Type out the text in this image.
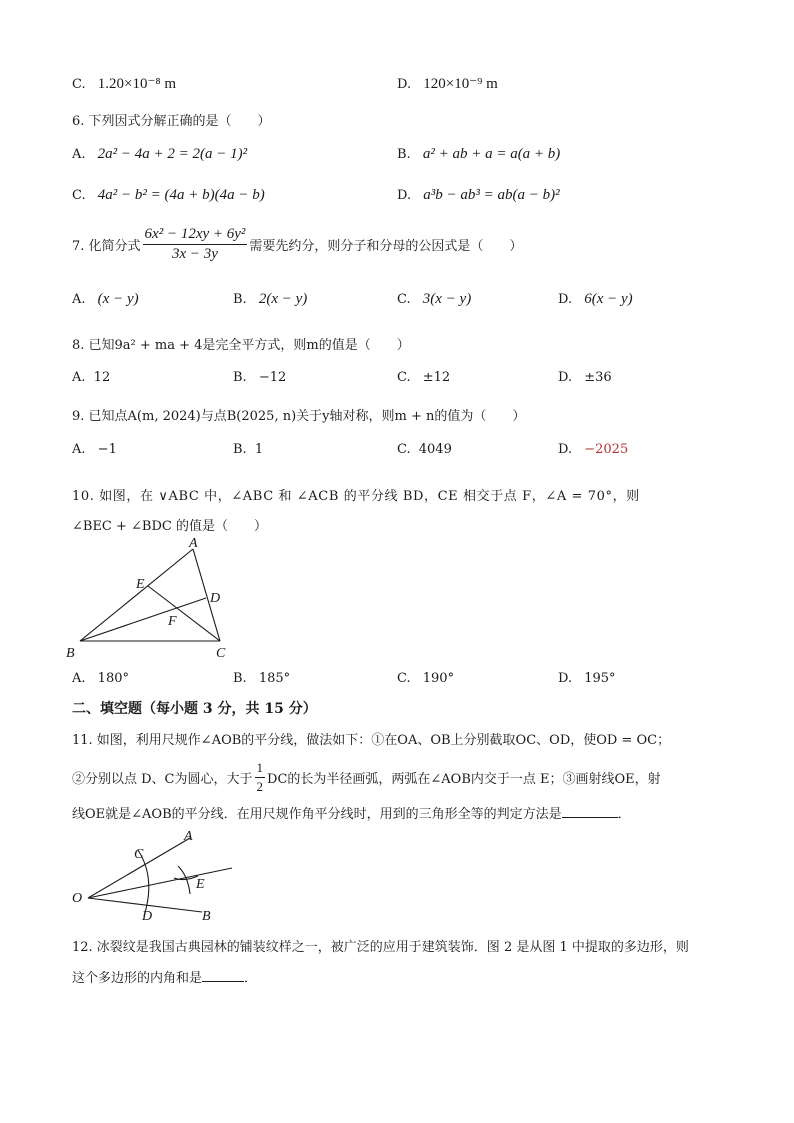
C. 1.20×10⁻⁸ m	D. 120×10⁻⁹ m
6. 下列因式分解正确的是（　　）
A. 2a² − 4a + 2 = 2(a − 1)²	B. a² + ab + a = a(a + b)
C. 4a² − b² = (4a + b)(4a − b)	D. a³b − ab³ = ab(a − b)²
7. 化简分式 $\frac{\text{6x² − 12xy + 6y²}}{3x - 3y}$ 需要先约分，则分子和分母的公因式是（　　）
A. (x − y)	B. 2(x − y)	C. 3(x − y)	D. 6(x − y)
8. 已知9a² + ma + 4是完全平方式，则m的值是（　　）
A. 12	B. −12	C. ±12	D. ±36
9. 已知点A(m, 2024)与点B(2025, n)关于y轴对称，则m + n的值为（　　）
A. −1	B. 1	C. 4049	D. −2025
10. 如图，在 ∨ABC 中，∠ABC 和 ∠ACB 的平分线 BD，CE 相交于点 F，∠A = 70°，则
∠BEC + ∠BDC 的值是（　　）
A
B	C
D
E
F
A. 180°	B. 185°	C. 190°	D. 195°
二、填空题（每小题 3 分，共 15 分）
11. 如图，利用尺规作∠AOB的平分线，做法如下：①在OA、OB上分别截取OC、OD，使OD = OC；
②分别以点 D、C为圆心，大于 $\frac{1}{2}$ DC的长为半径画弧，两弧在∠AOB内交于一点 E；③画射线OE，射
线OE就是∠AOB的平分线．在用尺规作角平分线时，用到的三角形全等的判定方法是	．
O
A
B
C
D
E
12. 冰裂纹是我国古典园林的铺装纹样之一，被广泛的应用于建筑装饰．图 2 是从图 1 中提取的多边形，则
这个多边形的内角和是	．
